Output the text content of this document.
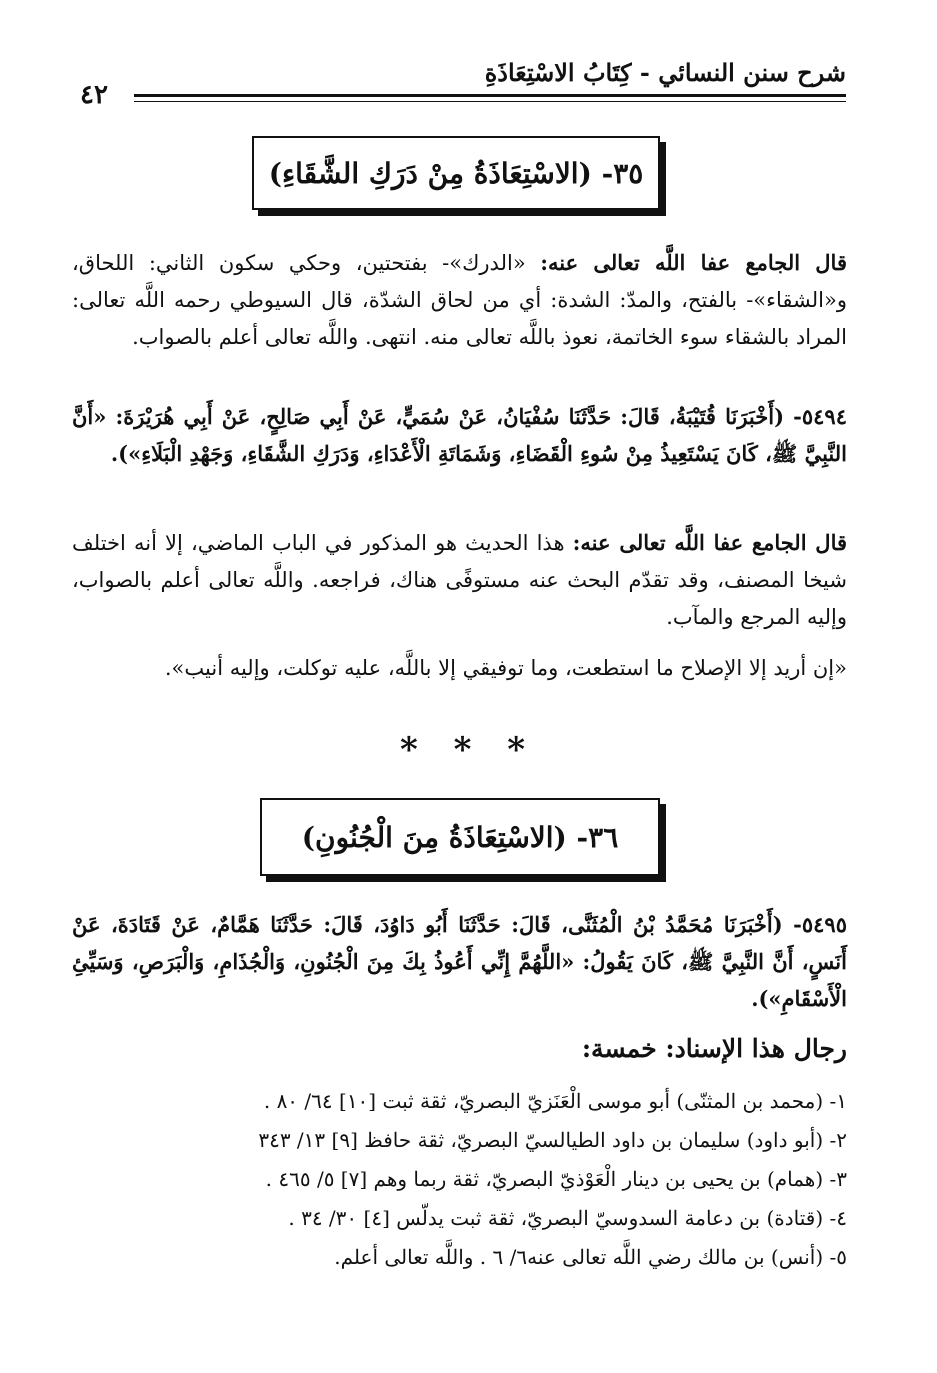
شرح سنن النسائي - كِتَابُ الاسْتِعَاذَةِ
٤٢
٣٥- (الاسْتِعَاذَةُ مِنْ دَرَكِ الشَّقَاءِ)
قال الجامع عفا اللَّه تعالى عنه: «الدرك»- بفتحتين، وحكي سكون الثاني: اللحاق، و«الشقاء»- بالفتح، والمدّ: الشدة: أي من لحاق الشدّة، قال السيوطي رحمه اللَّه تعالى: المراد بالشقاء سوء الخاتمة، نعوذ باللَّه تعالى منه. انتهى. واللَّه تعالى أعلم بالصواب.
٥٤٩٤- (أَخْبَرَنَا قُتَيْبَةُ، قَالَ: حَدَّثَنَا سُفْيَانُ، عَنْ سُمَيٍّ، عَنْ أَبِي صَالِحٍ، عَنْ أَبِي هُرَيْرَةَ: «أَنَّ النَّبِيَّ ﷺ، كَانَ يَسْتَعِيذُ مِنْ سُوءِ الْقَضَاءِ، وَشَمَاتَةِ الْأَعْدَاءِ، وَدَرَكِ الشَّقَاءِ، وَجَهْدِ الْبَلَاءِ»).
قال الجامع عفا اللَّه تعالى عنه: هذا الحديث هو المذكور في الباب الماضي، إلا أنه اختلف شيخا المصنف، وقد تقدّم البحث عنه مستوفًى هناك، فراجعه. واللَّه تعالى أعلم بالصواب، وإليه المرجع والمآب.
«إن أريد إلا الإصلاح ما استطعت، وما توفيقي إلا باللَّه، عليه توكلت، وإليه أنيب».
* * *
٣٦- (الاسْتِعَاذَةُ مِنَ الْجُنُونِ)
٥٤٩٥- (أَخْبَرَنَا مُحَمَّدُ بْنُ الْمُثَنَّى، قَالَ: حَدَّثَنَا أَبُو دَاوُدَ، قَالَ: حَدَّثَنَا هَمَّامٌ، عَنْ قَتَادَةَ، عَنْ أَنَسٍ، أَنَّ النَّبِيَّ ﷺ، كَانَ يَقُولُ: «اللَّهُمَّ إِنِّي أَعُوذُ بِكَ مِنَ الْجُنُونِ، وَالْجُذَامِ، وَالْبَرَصِ، وَسَيِّئِ الْأَسْقَامِ»).
رجال هذا الإسناد: خمسة:
١- (محمد بن المثنّى) أبو موسى الْعَنَزيّ البصريّ، ثقة ثبت [١٠] ٦٤/ ٨٠ .
٢- (أبو داود) سليمان بن داود الطيالسيّ البصريّ، ثقة حافظ [٩] ١٣/ ٣٤٣
٣- (همام) بن يحيى بن دينار الْعَوْذيّ البصريّ، ثقة ربما وهم [٧] ٥/ ٤٦٥ .
٤- (قتادة) بن دعامة السدوسيّ البصريّ، ثقة ثبت يدلّس [٤] ٣٠/ ٣٤ .
٥- (أنس) بن مالك رضي اللَّه تعالى عنه٦/ ٦ . واللَّه تعالى أعلم.
